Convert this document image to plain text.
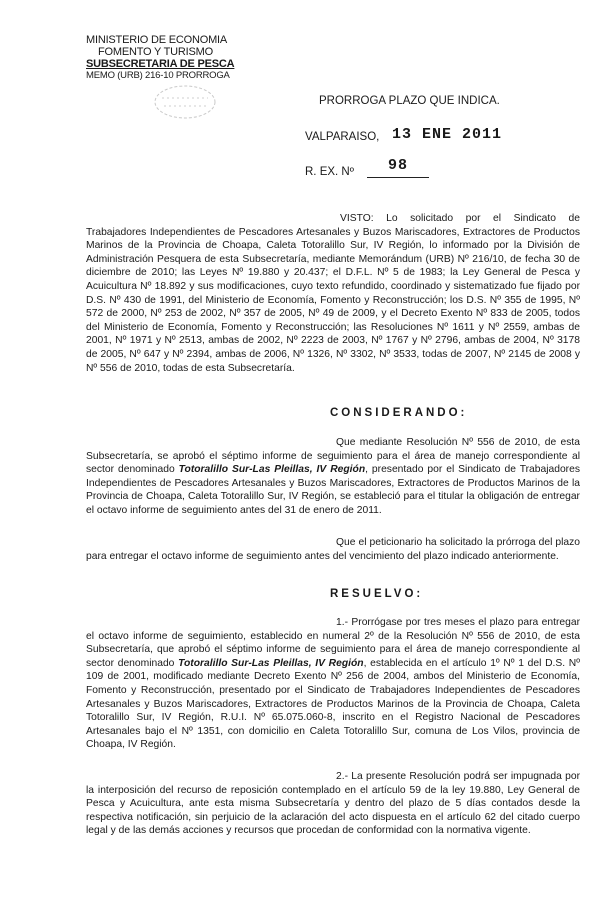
MINISTERIO DE ECONOMIA
FOMENTO Y TURISMO
SUBSECRETARIA DE PESCA
MEMO (URB) 216-10 PRORROGA
PRORROGA PLAZO QUE INDICA.
VALPARAISO, 13 ENE 2011
R. EX. Nº 98
VISTO: Lo solicitado por el Sindicato de Trabajadores Independientes de Pescadores Artesanales y Buzos Mariscadores, Extractores de Productos Marinos de la Provincia de Choapa, Caleta Totoralillo Sur, IV Región, lo informado por la División de Administración Pesquera de esta Subsecretaría, mediante Memorándum (URB) Nº 216/10, de fecha 30 de diciembre de 2010; las Leyes Nº 19.880 y 20.437; el D.F.L. Nº 5 de 1983; la Ley General de Pesca y Acuicultura Nº 18.892 y sus modificaciones, cuyo texto refundido, coordinado y sistematizado fue fijado por D.S. Nº 430 de 1991, del Ministerio de Economía, Fomento y Reconstrucción; los D.S. Nº 355 de 1995, Nº 572 de 2000, Nº 253 de 2002, Nº 357 de 2005, Nº 49 de 2009, y el Decreto Exento Nº 833 de 2005, todos del Ministerio de Economía, Fomento y Reconstrucción; las Resoluciones Nº 1611 y Nº 2559, ambas de 2001, Nº 1971 y Nº 2513, ambas de 2002, Nº 2223 de 2003, Nº 1767 y Nº 2796, ambas de 2004, Nº 3178 de 2005, Nº 647 y Nº 2394, ambas de 2006, Nº 1326, Nº 3302, Nº 3533, todas de 2007, Nº 2145 de 2008 y Nº 556 de 2010, todas de esta Subsecretaría.
CONSIDERANDO:
Que mediante Resolución Nº 556 de 2010, de esta Subsecretaría, se aprobó el séptimo informe de seguimiento para el área de manejo correspondiente al sector denominado Totoralillo Sur-Las Pleillas, IV Región, presentado por el Sindicato de Trabajadores Independientes de Pescadores Artesanales y Buzos Mariscadores, Extractores de Productos Marinos de la Provincia de Choapa, Caleta Totoralillo Sur, IV Región, se estableció para el titular la obligación de entregar el octavo informe de seguimiento antes del 31 de enero de 2011.
Que el peticionario ha solicitado la prórroga del plazo para entregar el octavo informe de seguimiento antes del vencimiento del plazo indicado anteriormente.
RESUELVO:
1.- Prorrógase por tres meses el plazo para entregar el octavo informe de seguimiento, establecido en numeral 2º de la Resolución Nº 556 de 2010, de esta Subsecretaría, que aprobó el séptimo informe de seguimiento para el área de manejo correspondiente al sector denominado Totoralillo Sur-Las Pleillas, IV Región, establecida en el artículo 1º Nº 1 del D.S. Nº 109 de 2001, modificado mediante Decreto Exento Nº 256 de 2004, ambos del Ministerio de Economía, Fomento y Reconstrucción, presentado por el Sindicato de Trabajadores Independientes de Pescadores Artesanales y Buzos Mariscadores, Extractores de Productos Marinos de la Provincia de Choapa, Caleta Totoralillo Sur, IV Región, R.U.I. Nº 65.075.060-8, inscrito en el Registro Nacional de Pescadores Artesanales bajo el Nº 1351, con domicilio en Caleta Totoralillo Sur, comuna de Los Vilos, provincia de Choapa, IV Región.
2.- La presente Resolución podrá ser impugnada por la interposición del recurso de reposición contemplado en el artículo 59 de la ley 19.880, Ley General de Pesca y Acuicultura, ante esta misma Subsecretaría y dentro del plazo de 5 días contados desde la respectiva notificación, sin perjuicio de la aclaración del acto dispuesta en el artículo 62 del citado cuerpo legal y de las demás acciones y recursos que procedan de conformidad con la normativa vigente.
